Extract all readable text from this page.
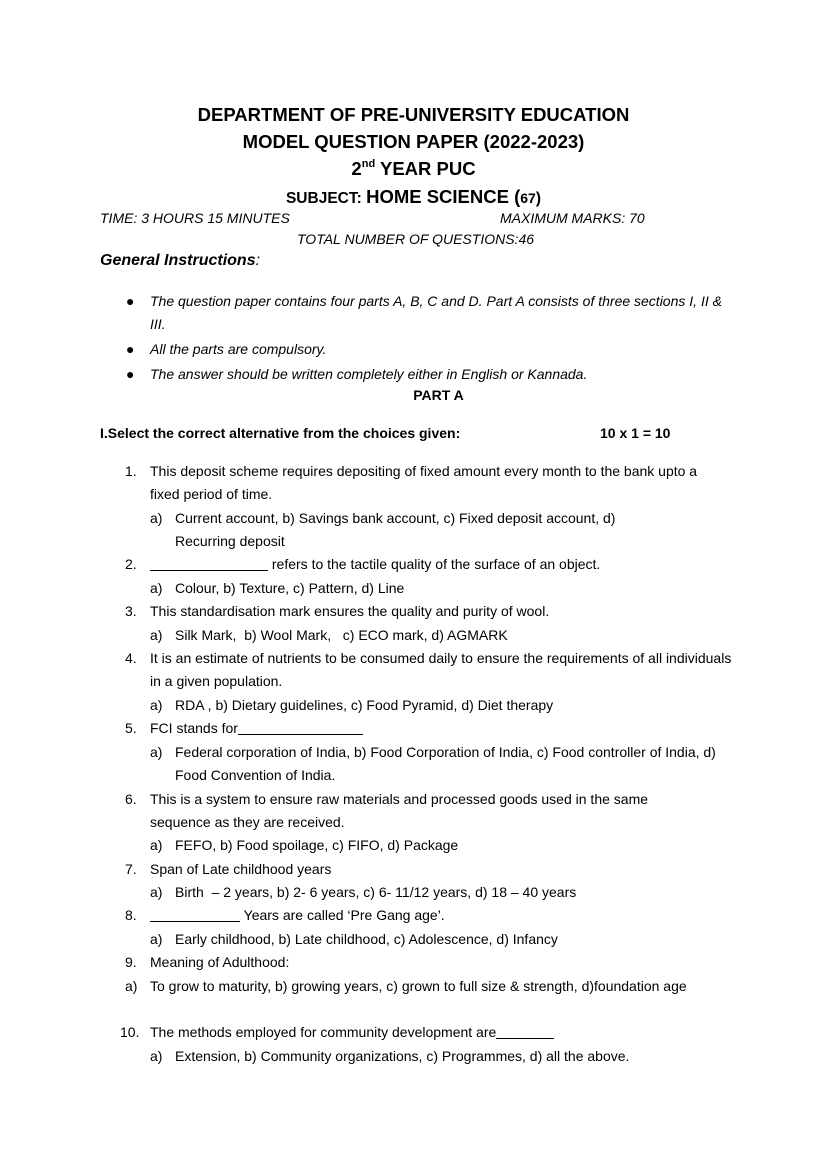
DEPARTMENT OF PRE-UNIVERSITY EDUCATION
MODEL QUESTION PAPER (2022-2023)
2nd YEAR PUC
SUBJECT: HOME SCIENCE (67)
TIME: 3 HOURS 15 MINUTES	MAXIMUM MARKS: 70
TOTAL NUMBER OF QUESTIONS:46
General Instructions:
● The question paper contains four parts A, B, C and D. Part A consists of three sections I, II & III.
● All the parts are compulsory.
● The answer should be written completely either in English or Kannada.
PART A
I.Select the correct alternative from the choices given:	10 x 1 = 10
1. This deposit scheme requires depositing of fixed amount every month to the bank upto a fixed period of time.
a) Current account, b) Savings bank account, c) Fixed deposit account, d) Recurring deposit
2.	refers to the tactile quality of the surface of an object.
a) Colour, b) Texture, c) Pattern, d) Line
3. This standardisation mark ensures the quality and purity of wool.
a) Silk Mark,  b) Wool Mark,   c) ECO mark, d) AGMARK
4. It is an estimate of nutrients to be consumed daily to ensure the requirements of all individuals in a given population.
a) RDA , b) Dietary guidelines, c) Food Pyramid, d) Diet therapy
5. FCI stands for
a) Federal corporation of India, b) Food Corporation of India, c) Food controller of India, d) Food Convention of India.
6. This is a system to ensure raw materials and processed goods used in the same sequence as they are received.
a) FEFO, b) Food spoilage, c) FIFO, d) Package
7. Span of Late childhood years
a) Birth  – 2 years, b) 2- 6 years, c) 6- 11/12 years, d) 18 – 40 years
8.	Years are called ‘Pre Gang age’.
a) Early childhood, b) Late childhood, c) Adolescence, d) Infancy
9. Meaning of Adulthood:
a) To grow to maturity, b) growing years, c) grown to full size & strength, d)foundation age
10. The methods employed for community development are
a) Extension, b) Community organizations, c) Programmes, d) all the above.
